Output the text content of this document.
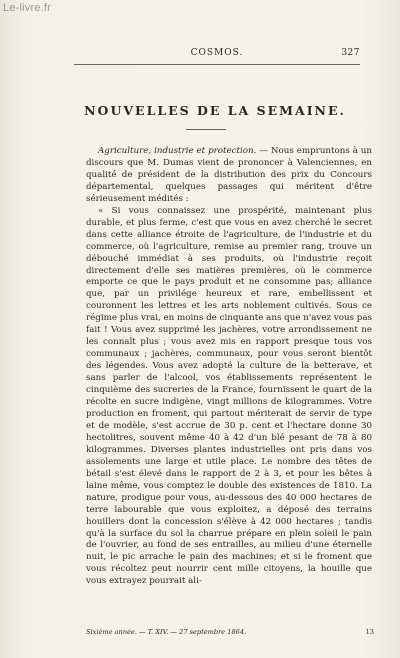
Le-livre.fr
COSMOS.	327
NOUVELLES DE LA SEMAINE.

Agriculture, industrie et protection. — Nous empruntons à un discours que M. Dumas vient de prononcer à Valenciennes, en qualité de président de la distribution des prix du Concours départemental, quelques passages qui méritent d'être sérieusement médités :

« Si vous connaissez une prospérité, maintenant plus durable, et plus ferme, c'est que vous en avez cherché le secret dans cette alliance étroite de l'agriculture, de l'industrie et du commerce, où l'agriculture, remise au premier rang, trouve un débouché immédiat à ses produits, où l'industrie reçoit directement d'elle ses matières premières, où le commerce emporte ce que le pays produit et ne consomme pas; alliance que, par un privilége heureux et rare, embellissent et couronnent les lettres et les arts noblement cultivés. Sous ce régime plus vrai, en moins de cinquante ans que n'avez vous pas fait ! Vous avez supprimé les jachères, votre arrondissement ne les connaît plus ; vous avez mis en rapport presque tous vos communaux ; jachères, communaux, pour vous seront bientôt des légendes. Vous avez adopté la culture de la betterave, et sans parler de l'alcool, vos établissements représentent le cinquième des sucreries de la France, fournissent le quart de la récolte en sucre indigène, vingt millions de kilogrammes. Votre production en froment, qui partout mériterait de servir de type et de modèle, s'est accrue de 30 p. cent et l'hectare donne 30 hectolitres, souvent même 40 à 42 d'un blé pesant de 78 à 80 kilogrammes. Diverses plantes industrielles ont pris dans vos assolements une large et utile place. Le nombre des têtes de bétail s'est élevé dans le rapport de 2 à 3, et pour les bêtes à laine même, vous comptez le double des existences de 1810. La nature, prodigue pour vous, au-dessous des 40 000 hectares de terre labourable que vous exploitez, a déposé des terrains houillers dont la concession s'élève à 42 000 hectares ; tandis qu'à la surface du sol la charrue prépare en plein soleil le pain de l'ouvrier, au fond de ses entrailles, au milieu d'une éternelle nuit, le pic arrache le pain des machines; et si le froment que vous récoltez peut nourrir cent mille citoyens, la houille que vous extrayez pourrait ali-

Sixième année. — T. XIV. — 27 septembre 1864.	13
